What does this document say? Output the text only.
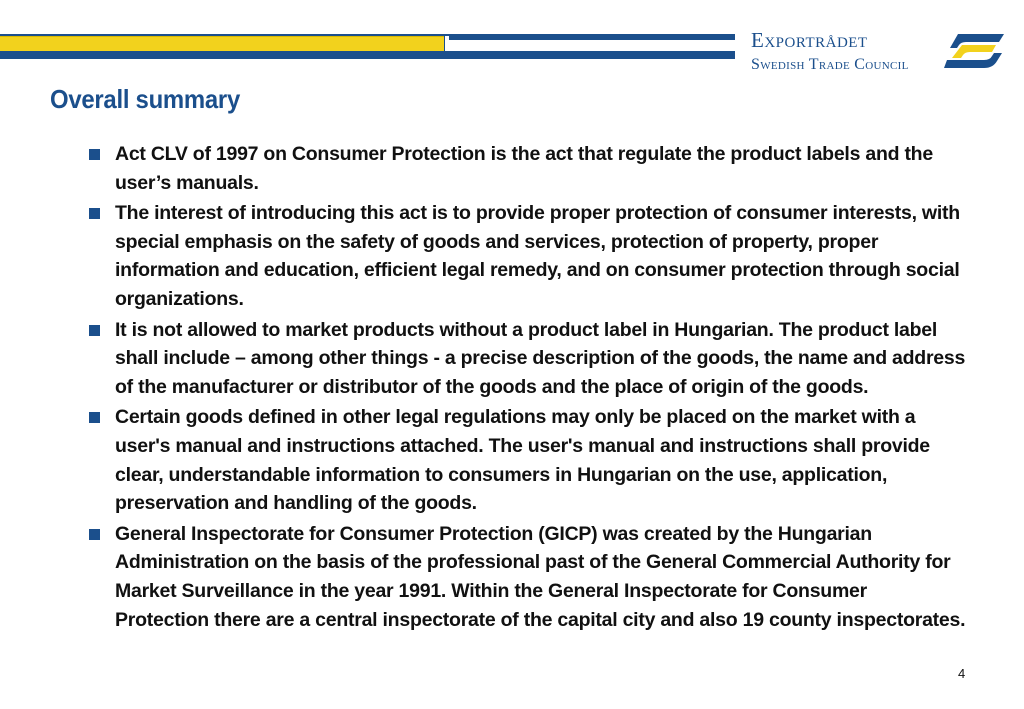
Exportrådet
Swedish Trade Council
Overall summary
Act CLV of 1997 on Consumer Protection is the act that regulate the product labels and the user’s manuals.
The interest of introducing this act is to provide proper protection of consumer interests, with special emphasis on the safety of goods and services, protection of property, proper information and education, efficient legal remedy, and on consumer protection through social organizations.
It is not allowed to market products without a product label in Hungarian. The product label shall include – among other things - a precise description of the goods, the name and address of the manufacturer or distributor of the goods and the place of origin of the goods.
Certain goods defined in other legal regulations may only be placed on the market with a user's manual and instructions attached. The user's manual and instructions shall provide clear, understandable information to consumers in Hungarian on the use, application, preservation and handling of the goods.
General Inspectorate for Consumer Protection (GICP) was created by the Hungarian Administration on the basis of the professional past of the General Commercial Authority for Market Surveillance in the year 1991. Within the General Inspectorate for Consumer Protection there are a central inspectorate of the capital city and also 19 county inspectorates.
4
